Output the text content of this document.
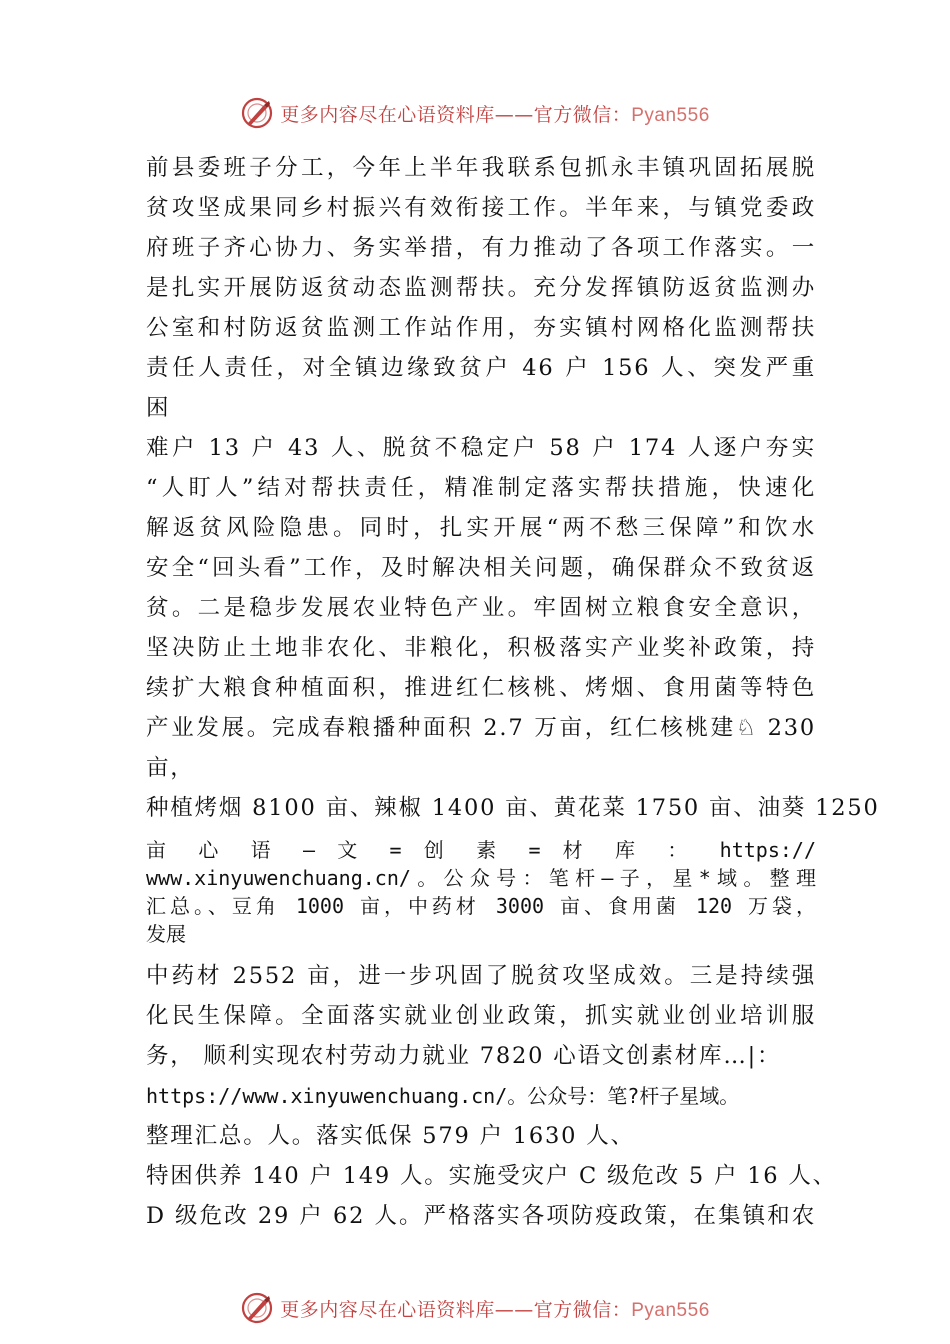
更多内容尽在心语资料库——官方微信：Pyan556
前县委班子分工，今年上半年我联系包抓永丰镇巩固拓展脱
贫攻坚成果同乡村振兴有效衔接工作。半年来，与镇党委政
府班子齐心协力、务实举措，有力推动了各项工作落实。一
是扎实开展防返贫动态监测帮扶。充分发挥镇防返贫监测办
公室和村防返贫监测工作站作用，夯实镇村网格化监测帮扶
责任人责任，对全镇边缘致贫户 46 户 156 人、突发严重
困
难户 13 户 43 人、脱贫不稳定户 58 户 174 人逐户夯实
“人盯人”结对帮扶责任，精准制定落实帮扶措施，快速化
解返贫风险隐患。同时，扎实开展“两不愁三保障”和饮水
安全“回头看”工作，及时解决相关问题，确保群众不致贫返
贫。二是稳步发展农业特色产业。牢固树立粮食安全意识，
坚决防止土地非农化、非粮化，积极落实产业奖补政策，持
续扩大粮食种植面积，推进红仁核桃、烤烟、食用菌等特色
产业发展。完成春粮播种面积 2.7 万亩，红仁核桃建♘ 230
亩，
种植烤烟 8100 亩、辣椒 1400 亩、黄花菜 1750 亩、油葵 1250
亩 心 语 — 文 = 创 素 = 材 库 ： https://
www.xinyuwenchuang.cn/。公众号：笔杆—子，星*域。整理
汇总。、豆角 1000 亩，中药材 3000 亩、食用菌 120 万袋，
发展
中药材 2552 亩，进一步巩固了脱贫攻坚成效。三是持续强
化民生保障。全面落实就业创业政策，抓实就业创业培训服
务， 顺利实现农村劳动力就业 7820 心语文创素材库…|：
https://www.xinyuwenchuang.cn/。公众号：笔?杆子星域。
整理汇总。人。落实低保 579 户 1630 人、
特困供养 140 户 149 人。实施受灾户 C 级危改 5 户 16 人、
D 级危改 29 户 62 人。严格落实各项防疫政策，在集镇和农
更多内容尽在心语资料库——官方微信：Pyan556
